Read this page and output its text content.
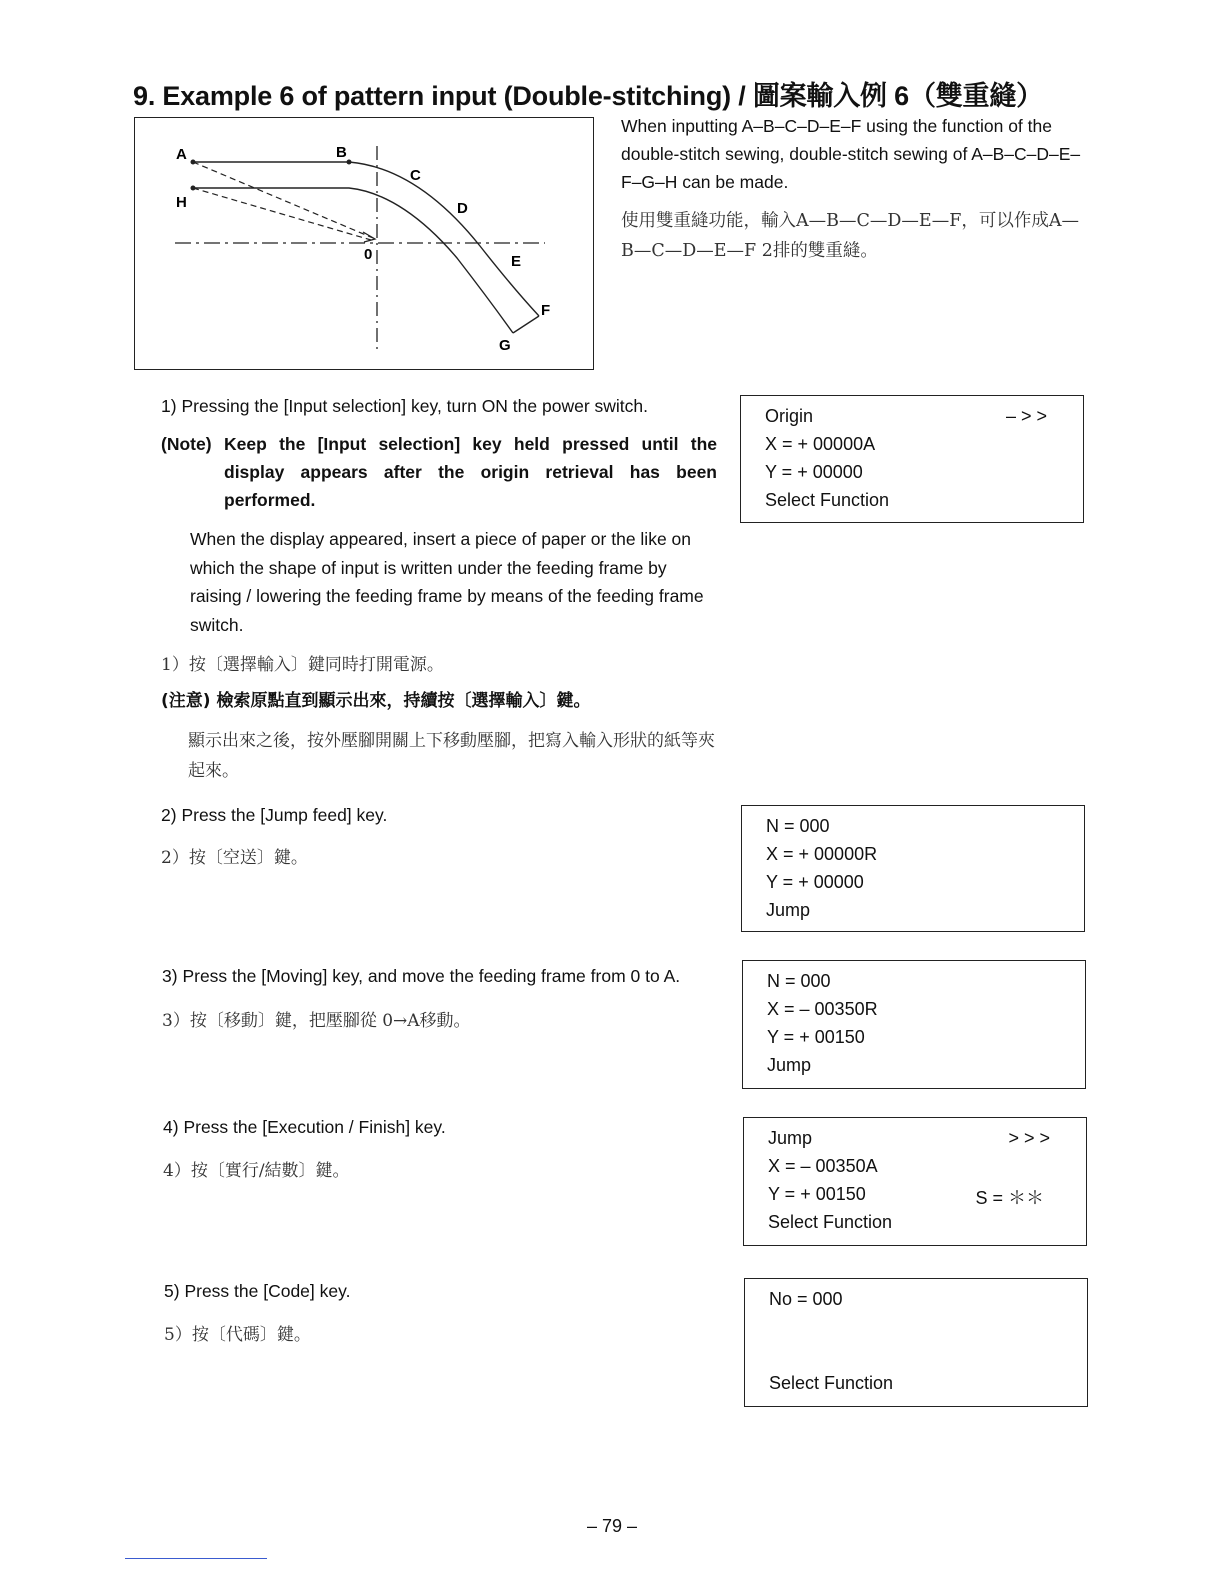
9. Example 6 of pattern input (Double-stitching) / 圖案輸入例 6（雙重縫）
A	B
C
D
E
F
G
H
0
When inputting A–B–C–D–E–F using the function of the double-stitch sewing, double-stitch sewing of A–B–C–D–E–F–G–H can be made.
使用雙重縫功能，輸入A—B—C—D—E—F，可以作成A—B—C—D—E—F 2排的雙重縫。
1) Pressing the [Input selection] key, turn ON the power switch.
(Note) Keep the [Input selection] key held pressed until the display appears after the origin retrieval has been performed.
When the display appeared, insert a piece of paper or the like on which the shape of input is written under the feeding frame by raising / lowering the feeding frame by means of the feeding frame switch.
1）按〔選擇輸入〕鍵同時打開電源。
(注意) 檢索原點直到顯示出來，持續按〔選擇輸入〕鍵。
顯示出來之後，按外壓腳開關上下移動壓腳，把寫入輸入形狀的紙等夾起來。
2) Press the [Jump feed] key.
2）按〔空送〕鍵。
3) Press the [Moving] key, and move the feeding frame from 0 to A.
3）按〔移動〕鍵，把壓腳從 0→A移動。
4) Press the [Execution / Finish] key.
4）按〔實行/結數〕鍵。
5) Press the [Code] key.
5）按〔代碼〕鍵。
Origin	– > >
X = + 00000A
Y = + 00000
Select Function
N = 000
X = + 00000R
Y = + 00000
Jump
N = 000
X = – 00350R
Y = + 00150
Jump
Jump	> > >
X = – 00350A
Y = + 00150	S = ＊＊
Select Function
No = 000
Select Function
– 79 –
